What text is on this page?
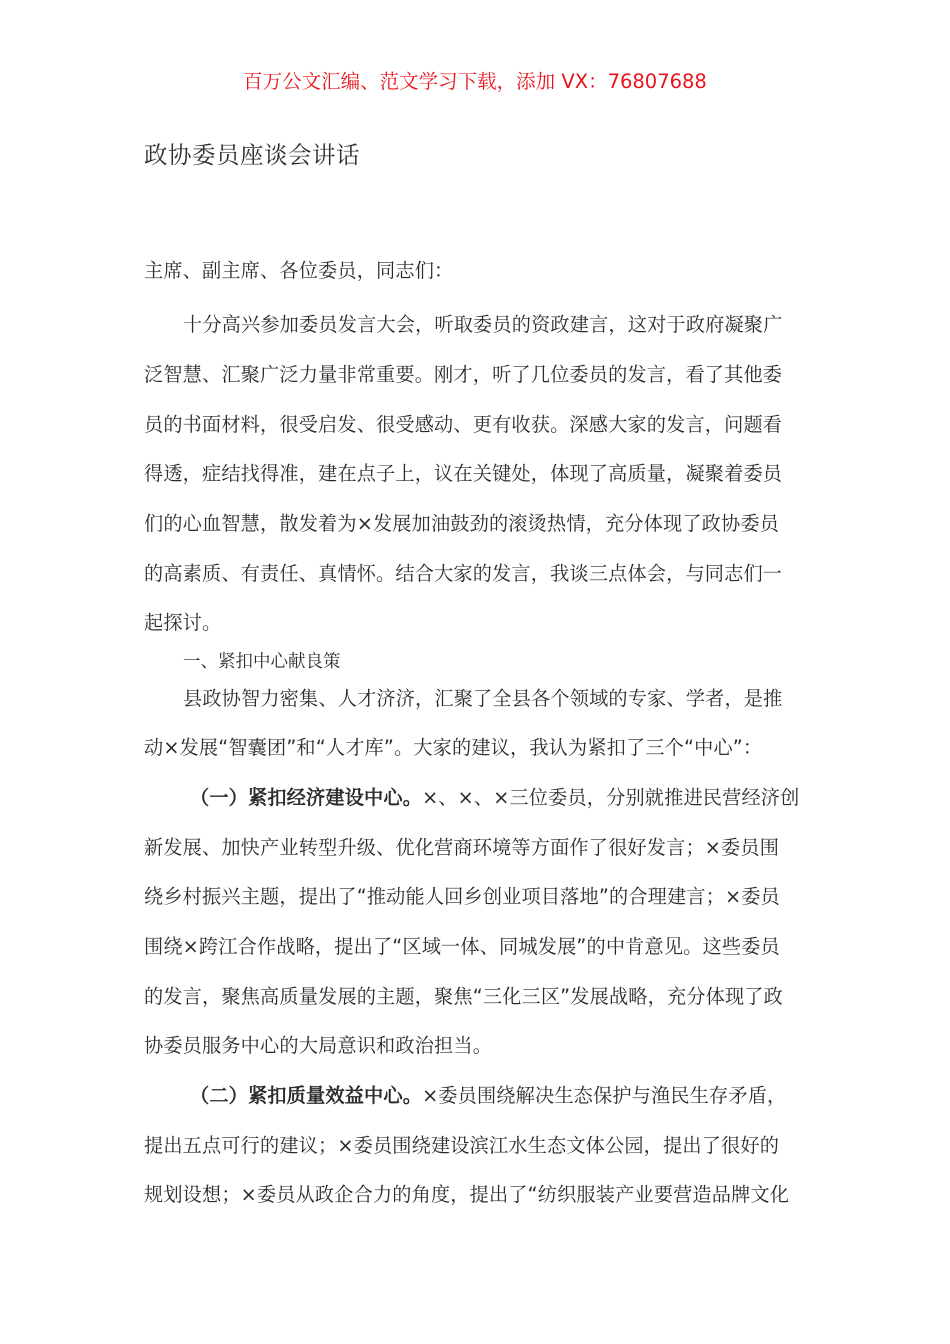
百万公文汇编、范文学习下载，添加 VX：76807688
政协委员座谈会讲话
主席、副主席、各位委员，同志们：
十分高兴参加委员发言大会，听取委员的资政建言，这对于政府凝聚广
泛智慧、汇聚广泛力量非常重要。刚才，听了几位委员的发言，看了其他委
员的书面材料，很受启发、很受感动、更有收获。深感大家的发言，问题看
得透，症结找得准，建在点子上，议在关键处，体现了高质量，凝聚着委员
们的心血智慧，散发着为×发展加油鼓劲的滚烫热情，充分体现了政协委员
的高素质、有责任、真情怀。结合大家的发言，我谈三点体会，与同志们一
起探讨。
一、紧扣中心献良策
县政协智力密集、人才济济，汇聚了全县各个领域的专家、学者，是推
动×发展“智囊团”和“人才库”。大家的建议，我认为紧扣了三个“中心”：
（一）紧扣经济建设中心。×、×、×三位委员，分别就推进民营经济创
新发展、加快产业转型升级、优化营商环境等方面作了很好发言；×委员围
绕乡村振兴主题，提出了“推动能人回乡创业项目落地”的合理建言；×委员
围绕×跨江合作战略，提出了“区域一体、同城发展”的中肯意见。这些委员
的发言，聚焦高质量发展的主题，聚焦“三化三区”发展战略，充分体现了政
协委员服务中心的大局意识和政治担当。
（二）紧扣质量效益中心。×委员围绕解决生态保护与渔民生存矛盾，
提出五点可行的建议；×委员围绕建设滨江水生态文体公园，提出了很好的
规划设想；×委员从政企合力的角度，提出了“纺织服装产业要营造品牌文化
